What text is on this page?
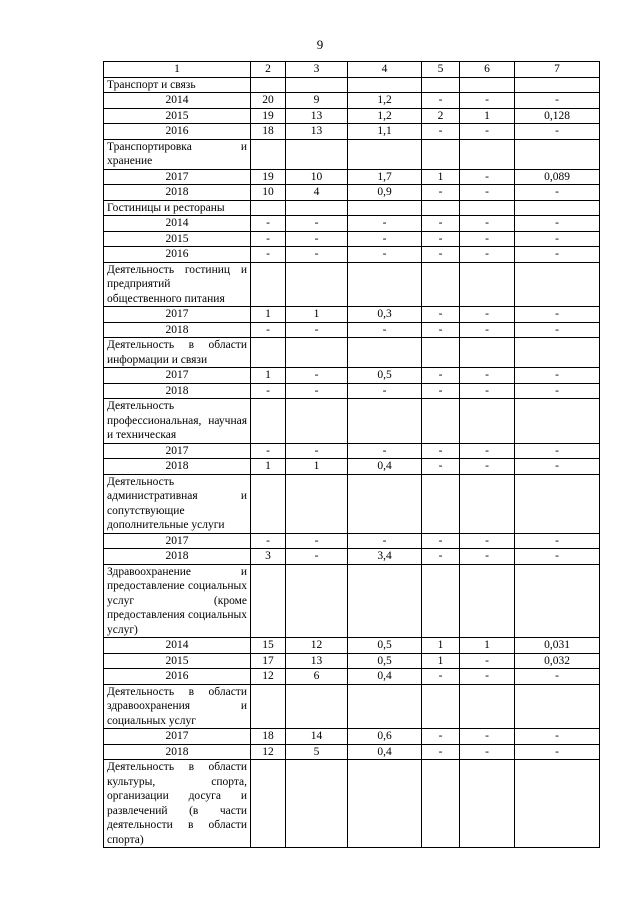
9
1	2	3	4	5	6	7
Транспорт и связь						
2014	20	9	1,2	-	-	-
2015	19	13	1,2	2	1	0,128
2016	18	13	1,1	-	-	-
Транспортировка и хранение						
2017	19	10	1,7	1	-	0,089
2018	10	4	0,9	-	-	-
Гостиницы и рестораны						
2014	-	-	-	-	-	-
2015	-	-	-	-	-	-
2016	-	-	-	-	-	-
Деятельность гостиниц и предприятий общественного питания						
2017	1	1	0,3	-	-	-
2018	-	-	-	-	-	-
Деятельность в области информации и связи						
2017	1	-	0,5	-	-	-
2018	-	-	-	-	-	-
Деятельность профессиональная, научная и техническая						
2017	-	-	-	-	-	-
2018	1	1	0,4	-	-	-
Деятельность административная и сопутствующие дополнительные услуги						
2017	-	-	-	-	-	-
2018	3	-	3,4	-	-	-
Здравоохранение и предоставление социальных услуг (кроме предоставления социальных услуг)						
2014	15	12	0,5	1	1	0,031
2015	17	13	0,5	1	-	0,032
2016	12	6	0,4	-	-	-
Деятельность в области здравоохранения и социальных услуг						
2017	18	14	0,6	-	-	-
2018	12	5	0,4	-	-	-
Деятельность в области культуры, спорта, организации досуга и развлечений (в части деятельности в области спорта)						
